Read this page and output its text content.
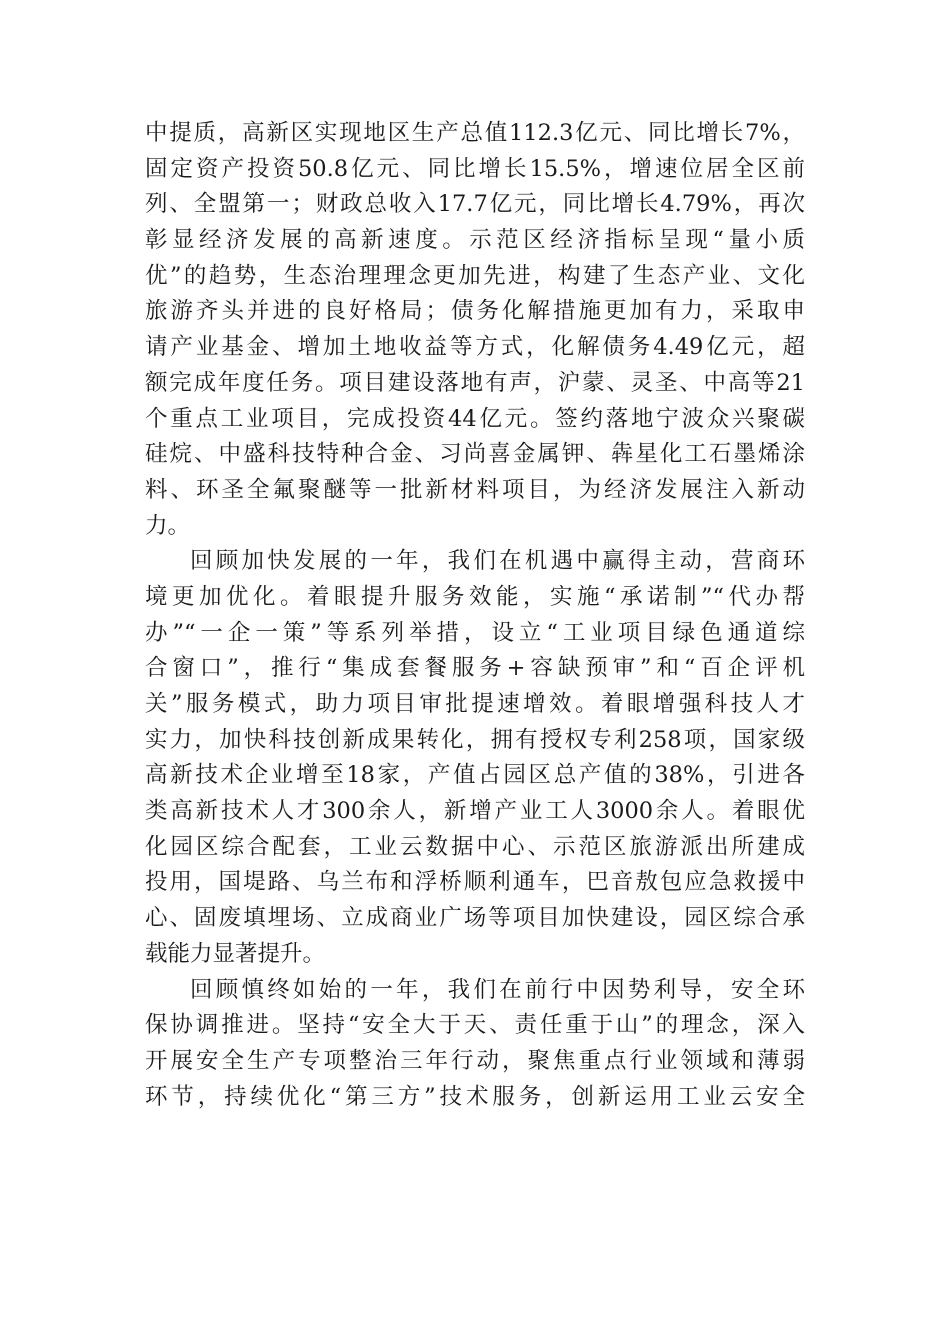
中提质，高新区实现地区生产总值112.3亿元、同比增长7%，
固定资产投资50.8亿元、同比增长15.5%，增速位居全区前
列、全盟第一；财政总收入17.7亿元，同比增长4.79%，再次
彰显经济发展的高新速度。示范区经济指标呈现“量小质
优”的趋势，生态治理理念更加先进，构建了生态产业、文化
旅游齐头并进的良好格局；债务化解措施更加有力，采取申
请产业基金、增加土地收益等方式，化解债务4.49亿元，超
额完成年度任务。项目建设落地有声，沪蒙、灵圣、中高等21
个重点工业项目，完成投资44亿元。签约落地宁波众兴聚碳
硅烷、中盛科技特种合金、习尚喜金属钾、犇星化工石墨烯涂
料、环圣全氟聚醚等一批新材料项目，为经济发展注入新动
力。
回顾加快发展的一年，我们在机遇中赢得主动，营商环
境更加优化。着眼提升服务效能，实施“承诺制”“代办帮
办”“一企一策”等系列举措，设立“工业项目绿色通道综
合窗口”，推行“集成套餐服务+容缺预审”和“百企评机
关”服务模式，助力项目审批提速增效。着眼增强科技人才
实力，加快科技创新成果转化，拥有授权专利258项，国家级
高新技术企业增至18家，产值占园区总产值的38%，引进各
类高新技术人才300余人，新增产业工人3000余人。着眼优
化园区综合配套，工业云数据中心、示范区旅游派出所建成
投用，国堤路、乌兰布和浮桥顺利通车，巴音敖包应急救援中
心、固废填埋场、立成商业广场等项目加快建设，园区综合承
载能力显著提升。
回顾慎终如始的一年，我们在前行中因势利导，安全环
保协调推进。坚持“安全大于天、责任重于山”的理念，深入
开展安全生产专项整治三年行动，聚焦重点行业领域和薄弱
环节，持续优化“第三方”技术服务，创新运用工业云安全
